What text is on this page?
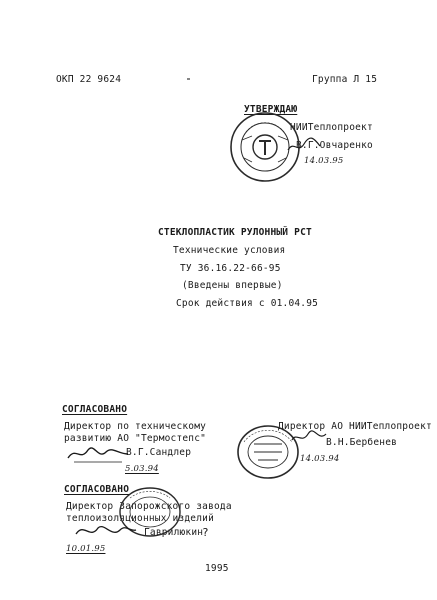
ОКП 22 9624	Группа Л 15
УТВЕРЖДАЮ
НИИТеплопроект
В.Г.Овчаренко
14.03.95
СТЕКЛОПЛАСТИК РУЛОННЫЙ РСТ
Технические условия
ТУ 36.16.22-66-95
(Введены впервые)
Срок действия с 01.04.95
СОГЛАСОВАНО
Директор по техническому
развитию АО "Термостепс"
В.Г.Сандлер
5.03.94
Директор АО НИИТеплопроект
В.Н.Бербенев
14.03.94
СОГЛАСОВАНО
Директор Запорожского завода
теплоизоляционных изделий
Гаврилюкин
10.01.95
?
1995
